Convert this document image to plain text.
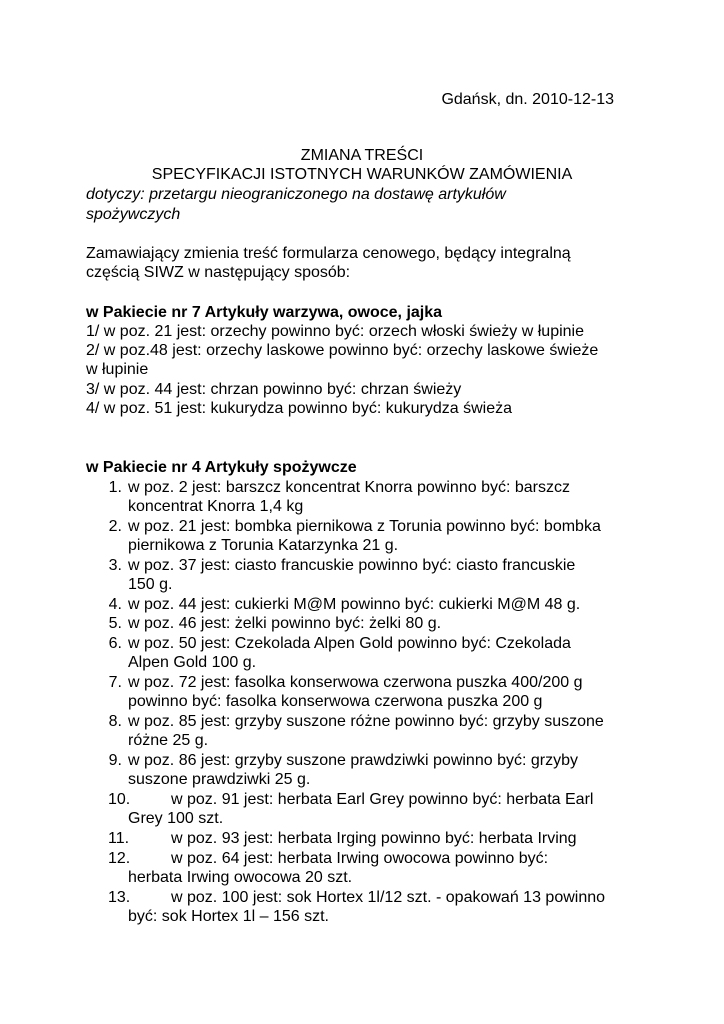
Gdańsk, dn. 2010-12-13
ZMIANA TREŚCI
SPECYFIKACJI ISTOTNYCH WARUNKÓW ZAMÓWIENIA
dotyczy: przetargu nieograniczonego na dostawę artykułów
spożywczych
Zamawiający zmienia treść formularza cenowego, będący integralną
częścią SIWZ w następujący sposób:
w Pakiecie nr 7 Artykuły warzywa, owoce, jajka
1/ w poz. 21 jest: orzechy powinno być: orzech włoski świeży w łupinie
2/ w poz.48 jest: orzechy laskowe powinno być: orzechy laskowe świeże
w łupinie
3/ w poz. 44 jest: chrzan powinno być: chrzan świeży
4/ w poz. 51 jest: kukurydza powinno być: kukurydza świeża
w Pakiecie nr 4 Artykuły spożywcze
1. w poz. 2 jest: barszcz koncentrat Knorra powinno być: barszcz
koncentrat Knorra 1,4 kg
2. w poz. 21 jest: bombka piernikowa z Torunia powinno być: bombka
piernikowa z Torunia Katarzynka 21 g.
3. w poz. 37 jest: ciasto francuskie powinno być: ciasto francuskie
150 g.
4. w poz. 44 jest: cukierki M@M powinno być: cukierki M@M 48 g.
5. w poz. 46 jest: żelki powinno być: żelki 80 g.
6. w poz. 50 jest: Czekolada Alpen Gold powinno być: Czekolada
Alpen Gold 100 g.
7. w poz. 72 jest: fasolka konserwowa czerwona puszka 400/200 g
powinno być: fasolka konserwowa czerwona puszka 200 g
8. w poz. 85 jest: grzyby suszone różne powinno być: grzyby suszone
różne 25 g.
9. w poz. 86 jest: grzyby suszone prawdziwki powinno być: grzyby
suszone prawdziwki 25 g.
10.	w poz. 91 jest: herbata Earl Grey powinno być: herbata Earl
Grey 100 szt.
11.	w poz. 93 jest: herbata Irging powinno być: herbata Irving
12.	w poz. 64 jest: herbata Irwing owocowa powinno być:
herbata Irwing owocowa 20 szt.
13.	w poz. 100 jest: sok Hortex 1l/12 szt. - opakowań 13 powinno
być: sok Hortex 1l – 156 szt.
